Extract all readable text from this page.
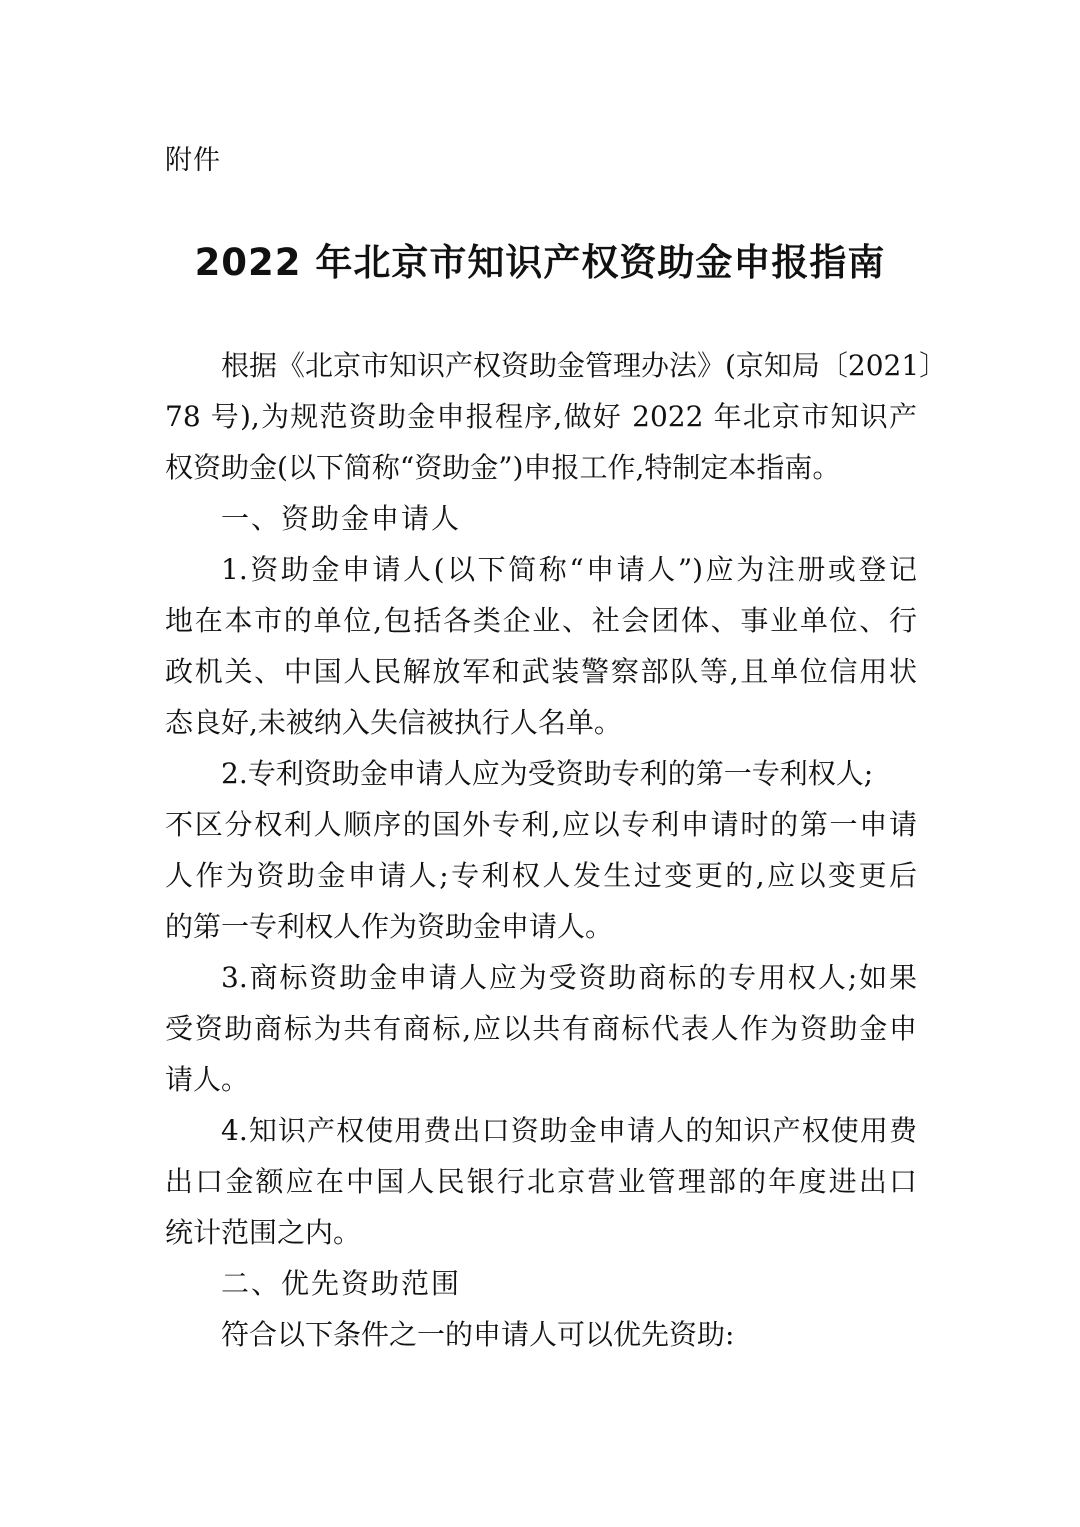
附件
2022 年北京市知识产权资助金申报指南
根据《北京市知识产权资助金管理办法》(京知局〔2021〕
78 号),为规范资助金申报程序,做好 2022 年北京市知识产
权资助金(以下简称“资助金”)申报工作,特制定本指南。
一、资助金申请人
1.资助金申请人(以下简称“申请人”)应为注册或登记
地在本市的单位,包括各类企业、社会团体、事业单位、行
政机关、中国人民解放军和武装警察部队等,且单位信用状
态良好,未被纳入失信被执行人名单。
2.专利资助金申请人应为受资助专利的第一专利权人;
不区分权利人顺序的国外专利,应以专利申请时的第一申请
人作为资助金申请人;专利权人发生过变更的,应以变更后
的第一专利权人作为资助金申请人。
3.商标资助金申请人应为受资助商标的专用权人;如果
受资助商标为共有商标,应以共有商标代表人作为资助金申
请人。
4.知识产权使用费出口资助金申请人的知识产权使用费
出口金额应在中国人民银行北京营业管理部的年度进出口
统计范围之内。
二、优先资助范围
符合以下条件之一的申请人可以优先资助:
